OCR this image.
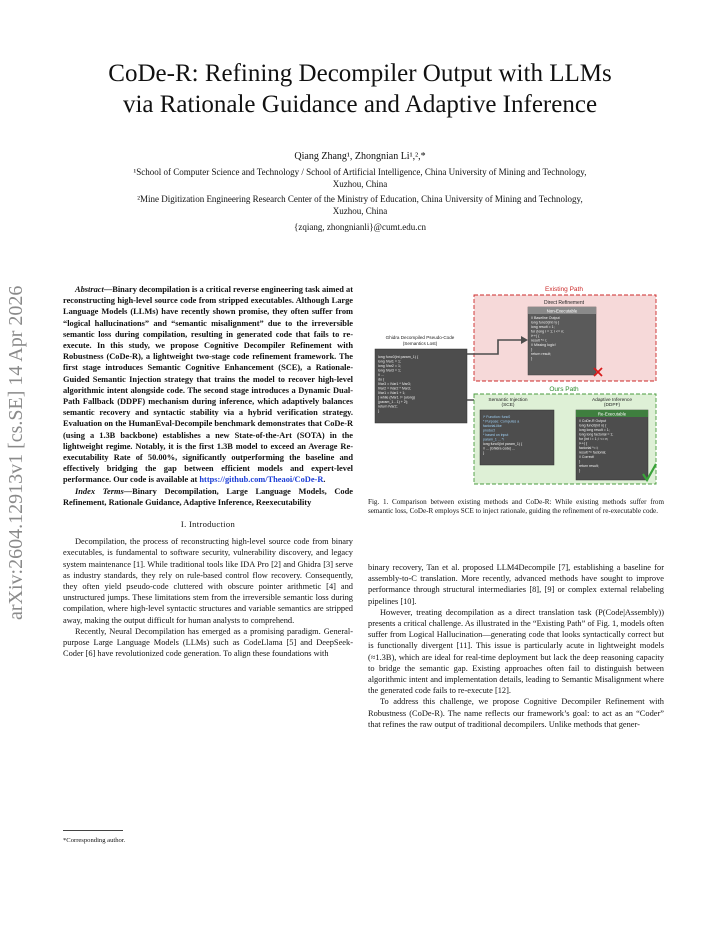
arXiv:2604.12913v1 [cs.SE] 14 Apr 2026
CoDe-R: Refining Decompiler Output with LLMs
via Rationale Guidance and Adaptive Inference
Qiang Zhang¹, Zhongnian Li¹,²,*
¹School of Computer Science and Technology / School of Artificial Intelligence, China University of Mining and Technology,
Xuzhou, China
²Mine Digitization Engineering Research Center of the Ministry of Education, China University of Mining and Technology,
Xuzhou, China
{zqiang, zhongnianli}@cumt.edu.cn

Abstract—Binary decompilation is a critical reverse engineering task aimed at reconstructing high-level source code from stripped executables. Although Large Language Models (LLMs) have recently shown promise, they often suffer from “logical hallucinations” and “semantic misalignment” due to the irreversible semantic loss during compilation, resulting in generated code that fails to re-execute. In this study, we propose Cognitive Decompiler Refinement with Robustness (CoDe-R), a lightweight two-stage code refinement framework. The first stage introduces Semantic Cognitive Enhancement (SCE), a Rationale-Guided Semantic Injection strategy that trains the model to recover high-level algorithmic intent alongside code. The second stage introduces a Dynamic Dual-Path Fallback (DDPF) mechanism during inference, which adaptively balances semantic recovery and syntactic stability via a hybrid verification strategy. Evaluation on the HumanEval-Decompile benchmark demonstrates that CoDe-R (using a 1.3B backbone) establishes a new State-of-the-Art (SOTA) in the lightweight regime. Notably, it is the first 1.3B model to exceed an Average Re-executability Rate of 50.00%, significantly outperforming the baseline and effectively bridging the gap between efficient models and expert-level performance. Our code is available at https://github.com/Theaoi/CoDe-R.

Index Terms—Binary Decompilation, Large Language Models, Code Refinement, Rationale Guidance, Adaptive Inference, Reexecutability

I. Introduction

Decompilation, the process of reconstructing high-level source code from binary executables, is fundamental to software security, vulnerability discovery, and legacy system maintenance [1]. While traditional tools like IDA Pro [2] and Ghidra [3] serve as industry standards, they rely on rule-based control flow recovery. Consequently, they often yield pseudo-code cluttered with obscure pointer arithmetic [4] and unstructured jumps. These limitations stem from the irreversible semantic loss during compilation, where high-level syntactic structures and variable semantics are stripped away, making the output difficult for human analysts to comprehend.

Recently, Neural Decompilation has emerged as a promising paradigm. General-purpose Large Language Models (LLMs) such as CodeLlama [5] and DeepSeek-Coder [6] have revolutionized code generation. To align these foundations with

*Corresponding author.
Existing Path
Direct Refinement
Non-Executable
// Baseline Output
long func0(int n) {
long result = 1;
for (long i = 1; i <= n;
i++) {
result *= i;
// Missing logic!
}
return result;
}
Ghidra Decompiled Pseudo-Code
(Semantics Lost)
long func0(int param_1) {
long lVar1 = 1;
long lVar2 = 1;
long lVar3 = 1;
// ...
do {
lVar3 = lVar1 * lVar3;
lVar2 = lVar2 * lVar3;
lVar1 = lVar1 + 1;
} while (lVar1 != (ulong)
(param_1 - 1) + 2);
return lVar2;
}
Ours Path
Semantic Injection
(SCE)
Adaptive Inference
(DDPF)
/* Function: func0
* Purpose: Computes a
factorial-like
product
* based on input
param_1 ... */
long func0(int param_1) {
// ... (Ghidra code) ...
}
Re-Executable
// CoDe-R Output
long func0(int n) {
long long result = 1;
long long factorial = 1;
for (int i = 1; i <= n;
i++) {
factorial *= i;
result *= factorial;
// Correct!
}
return result;
}
Fig. 1. Comparison between existing methods and CoDe-R: While existing methods suffer from semantic loss, CoDe-R employs SCE to inject rationale, guiding the refinement of re-executable code.

binary recovery, Tan et al. proposed LLM4Decompile [7], establishing a baseline for assembly-to-C translation. More recently, advanced methods have sought to improve performance through structural intermediaries [8], [9] or complex external relabeling pipelines [10].

However, treating decompilation as a direct translation task (P(Code|Assembly)) presents a critical challenge. As illustrated in the “Existing Path” of Fig. 1, models often suffer from Logical Hallucination—generating code that looks syntactically correct but is functionally divergent [11]. This issue is particularly acute in lightweight models (≈1.3B), which are ideal for real-time deployment but lack the deep reasoning capacity to bridge the semantic gap. Existing approaches often fail to distinguish between algorithmic intent and implementation details, leading to Semantic Misalignment where the generated code fails to re-execute [12].

To address this challenge, we propose Cognitive Decompiler Refinement with Robustness (CoDe-R). The name reflects our framework’s goal: to act as an “Coder” that refines the raw output of traditional decompilers. Unlike methods that gener-
